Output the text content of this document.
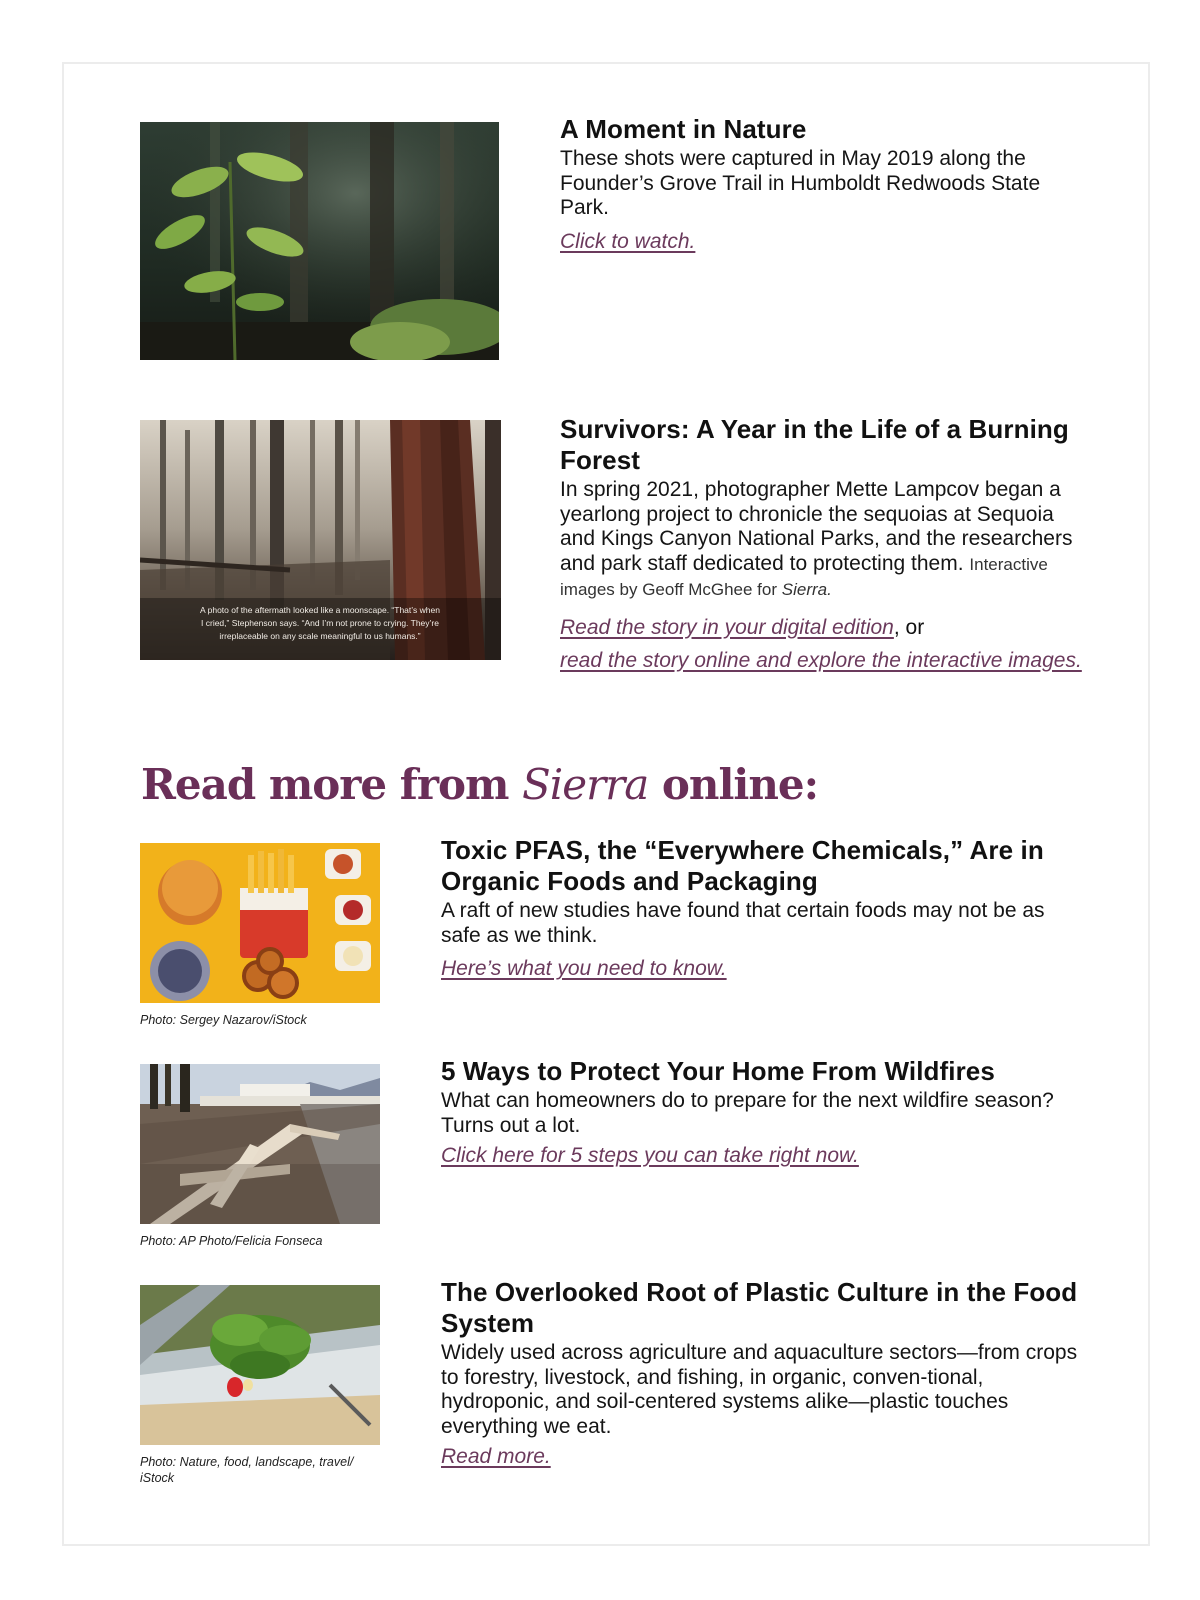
A Moment in Nature

These shots were captured in May 2019 along the Founder’s Grove Trail in Humboldt Redwoods State Park.

Click to watch.
A photo of the aftermath looked like a moonscape. “That’s when
I cried,” Stephenson says. “And I’m not prone to crying. They’re
irreplaceable on any scale meaningful to us humans.”
Survivors: A Year in the Life of a Burning Forest

In spring 2021, photographer Mette Lampcov began a yearlong project to chronicle the sequoias at Sequoia and Kings Canyon National Parks, and the researchers and park staff dedicated to protecting them. Interactive images by Geoff McGhee for Sierra.

Read the story in your digital edition, or
read the story online and explore the interactive images.
Read more from Sierra online:
Photo: Sergey Nazarov/iStock
Toxic PFAS, the “Everywhere Chemicals,” Are in Organic Foods and Packaging

A raft of new studies have found that certain foods may not be as safe as we think.

Here’s what you need to know.
Photo: AP Photo/Felicia Fonseca
5 Ways to Protect Your Home From Wildfires

What can homeowners do to prepare for the next wildfire season? Turns out a lot.

Click here for 5 steps you can take right now.
Photo: Nature, food, landscape, travel/ iStock
The Overlooked Root of Plastic Culture in the Food System

Widely used across agriculture and aquaculture sectors—from crops to forestry, livestock, and fishing, in organic, conven-tional, hydroponic, and soil-centered systems alike—plastic touches everything we eat.

Read more.
